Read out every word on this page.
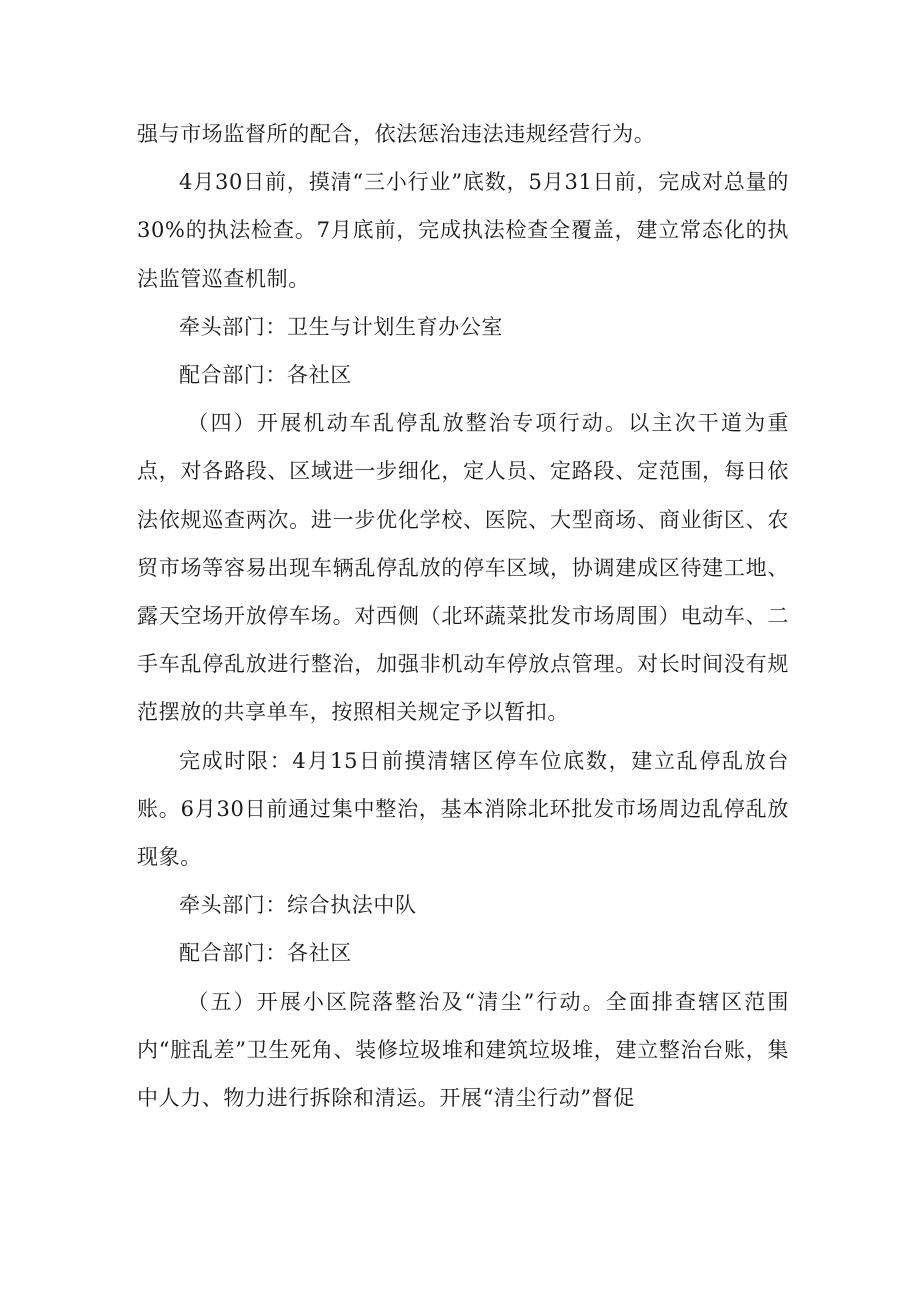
强与市场监督所的配合，依法惩治违法违规经营行为。

4月30日前，摸清“三小行业”底数，5月31日前，完成对总量的30%的执法检查。7月底前，完成执法检查全覆盖，建立常态化的执法监管巡查机制。

牵头部门：卫生与计划生育办公室

配合部门：各社区

（四）开展机动车乱停乱放整治专项行动。以主次干道为重点，对各路段、区域进一步细化，定人员、定路段、定范围，每日依法依规巡查两次。进一步优化学校、医院、大型商场、商业街区、农贸市场等容易出现车辆乱停乱放的停车区域，协调建成区待建工地、露天空场开放停车场。对西侧（北环蔬菜批发市场周围）电动车、二手车乱停乱放进行整治，加强非机动车停放点管理。对长时间没有规范摆放的共享单车，按照相关规定予以暂扣。

完成时限：4月15日前摸清辖区停车位底数，建立乱停乱放台账。6月30日前通过集中整治，基本消除北环批发市场周边乱停乱放现象。

牵头部门：综合执法中队

配合部门：各社区

（五）开展小区院落整治及“清尘”行动。全面排查辖区范围内“脏乱差”卫生死角、装修垃圾堆和建筑垃圾堆，建立整治台账，集中人力、物力进行拆除和清运。开展“清尘行动”督促
